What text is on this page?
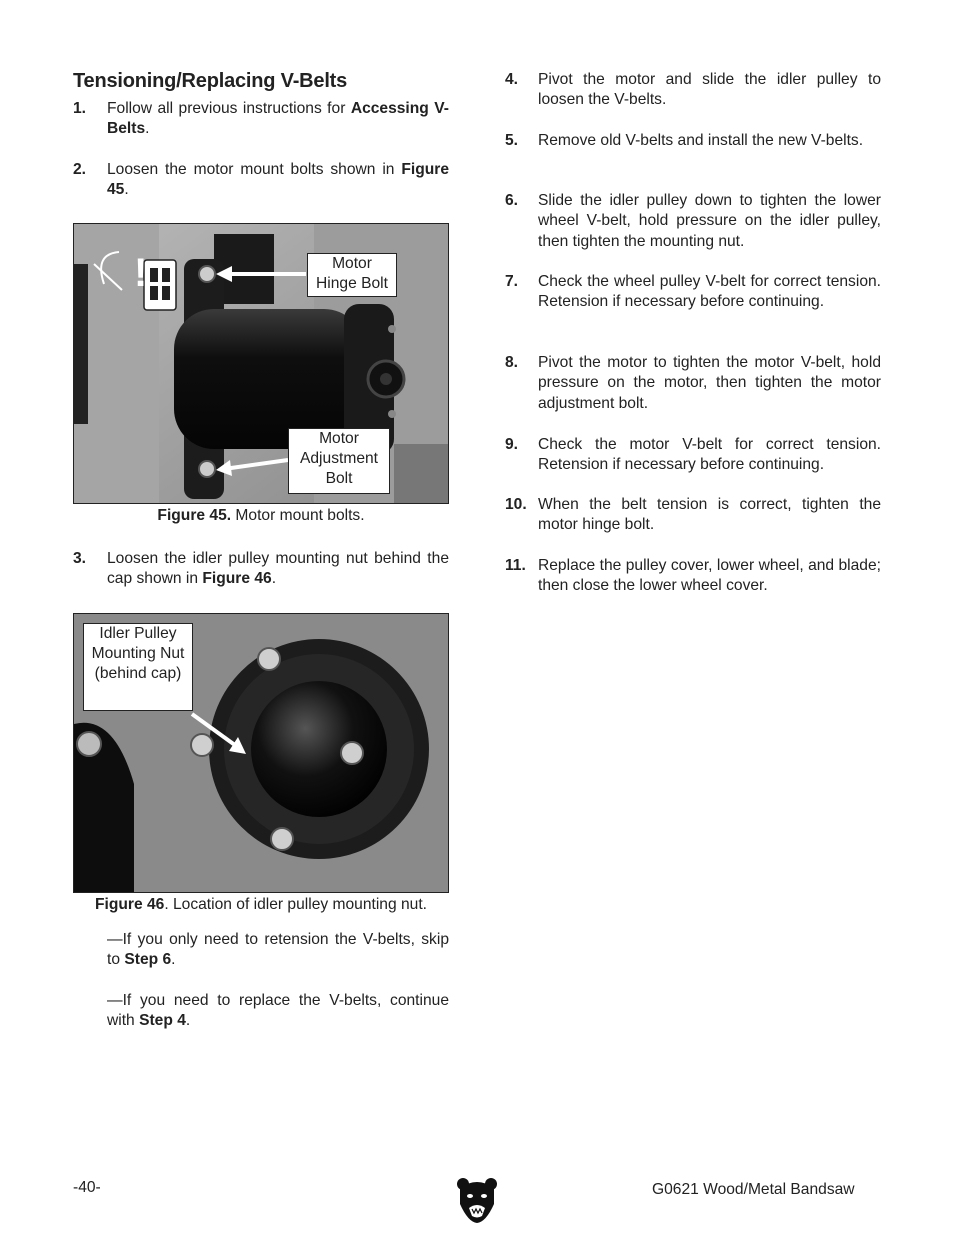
Tensioning/Replacing V-Belts
1. Follow all previous instructions for Accessing V-Belts.
2. Loosen the motor mount bolts shown in Figure 45.
!	Motor Hinge Bolt
Motor Adjustment Bolt
Figure 45. Motor mount bolts.
3. Loosen the idler pulley mounting nut behind the cap shown in Figure 46.
Idler Pulley Mounting Nut (behind cap)
Figure 46. Location of idler pulley mounting nut.
—If you only need to retension the V-belts, skip to Step 6.
—If you need to replace the V-belts, continue with Step 4.
4. Pivot the motor and slide the idler pulley to loosen the V-belts.
5. Remove old V-belts and install the new V-belts.
6. Slide the idler pulley down to tighten the lower wheel V-belt, hold pressure on the idler pulley, then tighten the mounting nut.
7. Check the wheel pulley V-belt for correct tension. Retension if necessary before continuing.
8. Pivot the motor to tighten the motor V-belt, hold pressure on the motor, then tighten the motor adjustment bolt.
9. Check the motor V-belt for correct tension. Retension if necessary before continuing.
10. When the belt tension is correct, tighten the motor hinge bolt.
11. Replace the pulley cover, lower wheel, and blade; then close the lower wheel cover.
-40-	G0621 Wood/Metal Bandsaw
